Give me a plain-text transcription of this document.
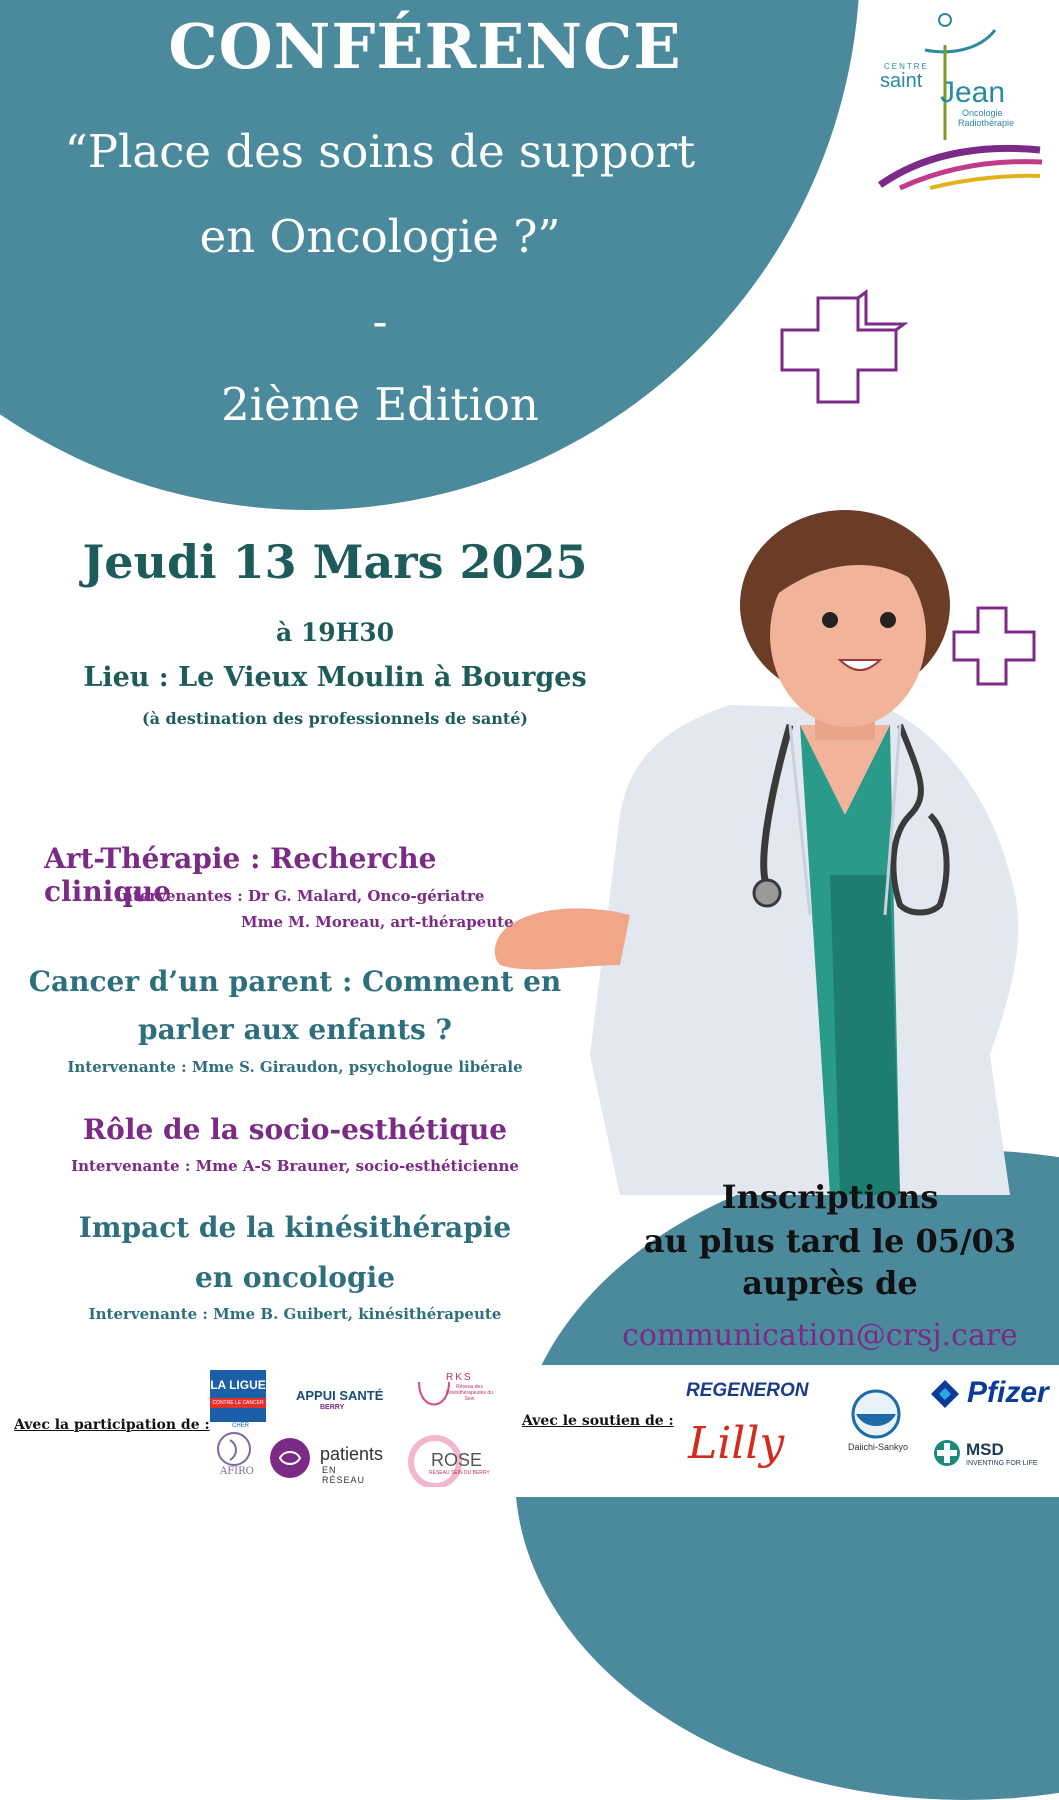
CONFÉRENCE
“Place des soins de support
en Oncologie ?”
-
2ième Edition
CENTRE
saint Jean
Oncologie
Radiothérapie
Jeudi 13 Mars 2025
à 19H30
Lieu : Le Vieux Moulin à Bourges
(à destination des professionnels de santé)
Art-Thérapie : Recherche clinique
Intervenantes : Dr G. Malard, Onco-gériatre
Mme M. Moreau, art-thérapeute
Cancer d’un parent : Comment en
parler aux enfants ?
Intervenante : Mme S. Giraudon, psychologue libérale
Rôle de la socio-esthétique
Intervenante : Mme A-S Brauner, socio-esthéticienne
Impact de la kinésithérapie
en oncologie
Intervenante : Mme B. Guibert, kinésithérapeute
Inscriptions
au plus tard le 05/03
auprès de
communication@crsj.care
Avec la participation de :	Avec le soutien de :
LA LIGUE
CONTRE LE CANCER
CHER
APPUI SANTÉ
BERRY
RKS
Réseau des Kinésithérapeutes du Sein
AFIRO
patients
EN RÉSEAU
ROSE
RÉSEAU SEIN DU BERRY
REGENERON
Lilly	Daiichi-Sankyo
Pfizer
MSD
INVENTING FOR LIFE
